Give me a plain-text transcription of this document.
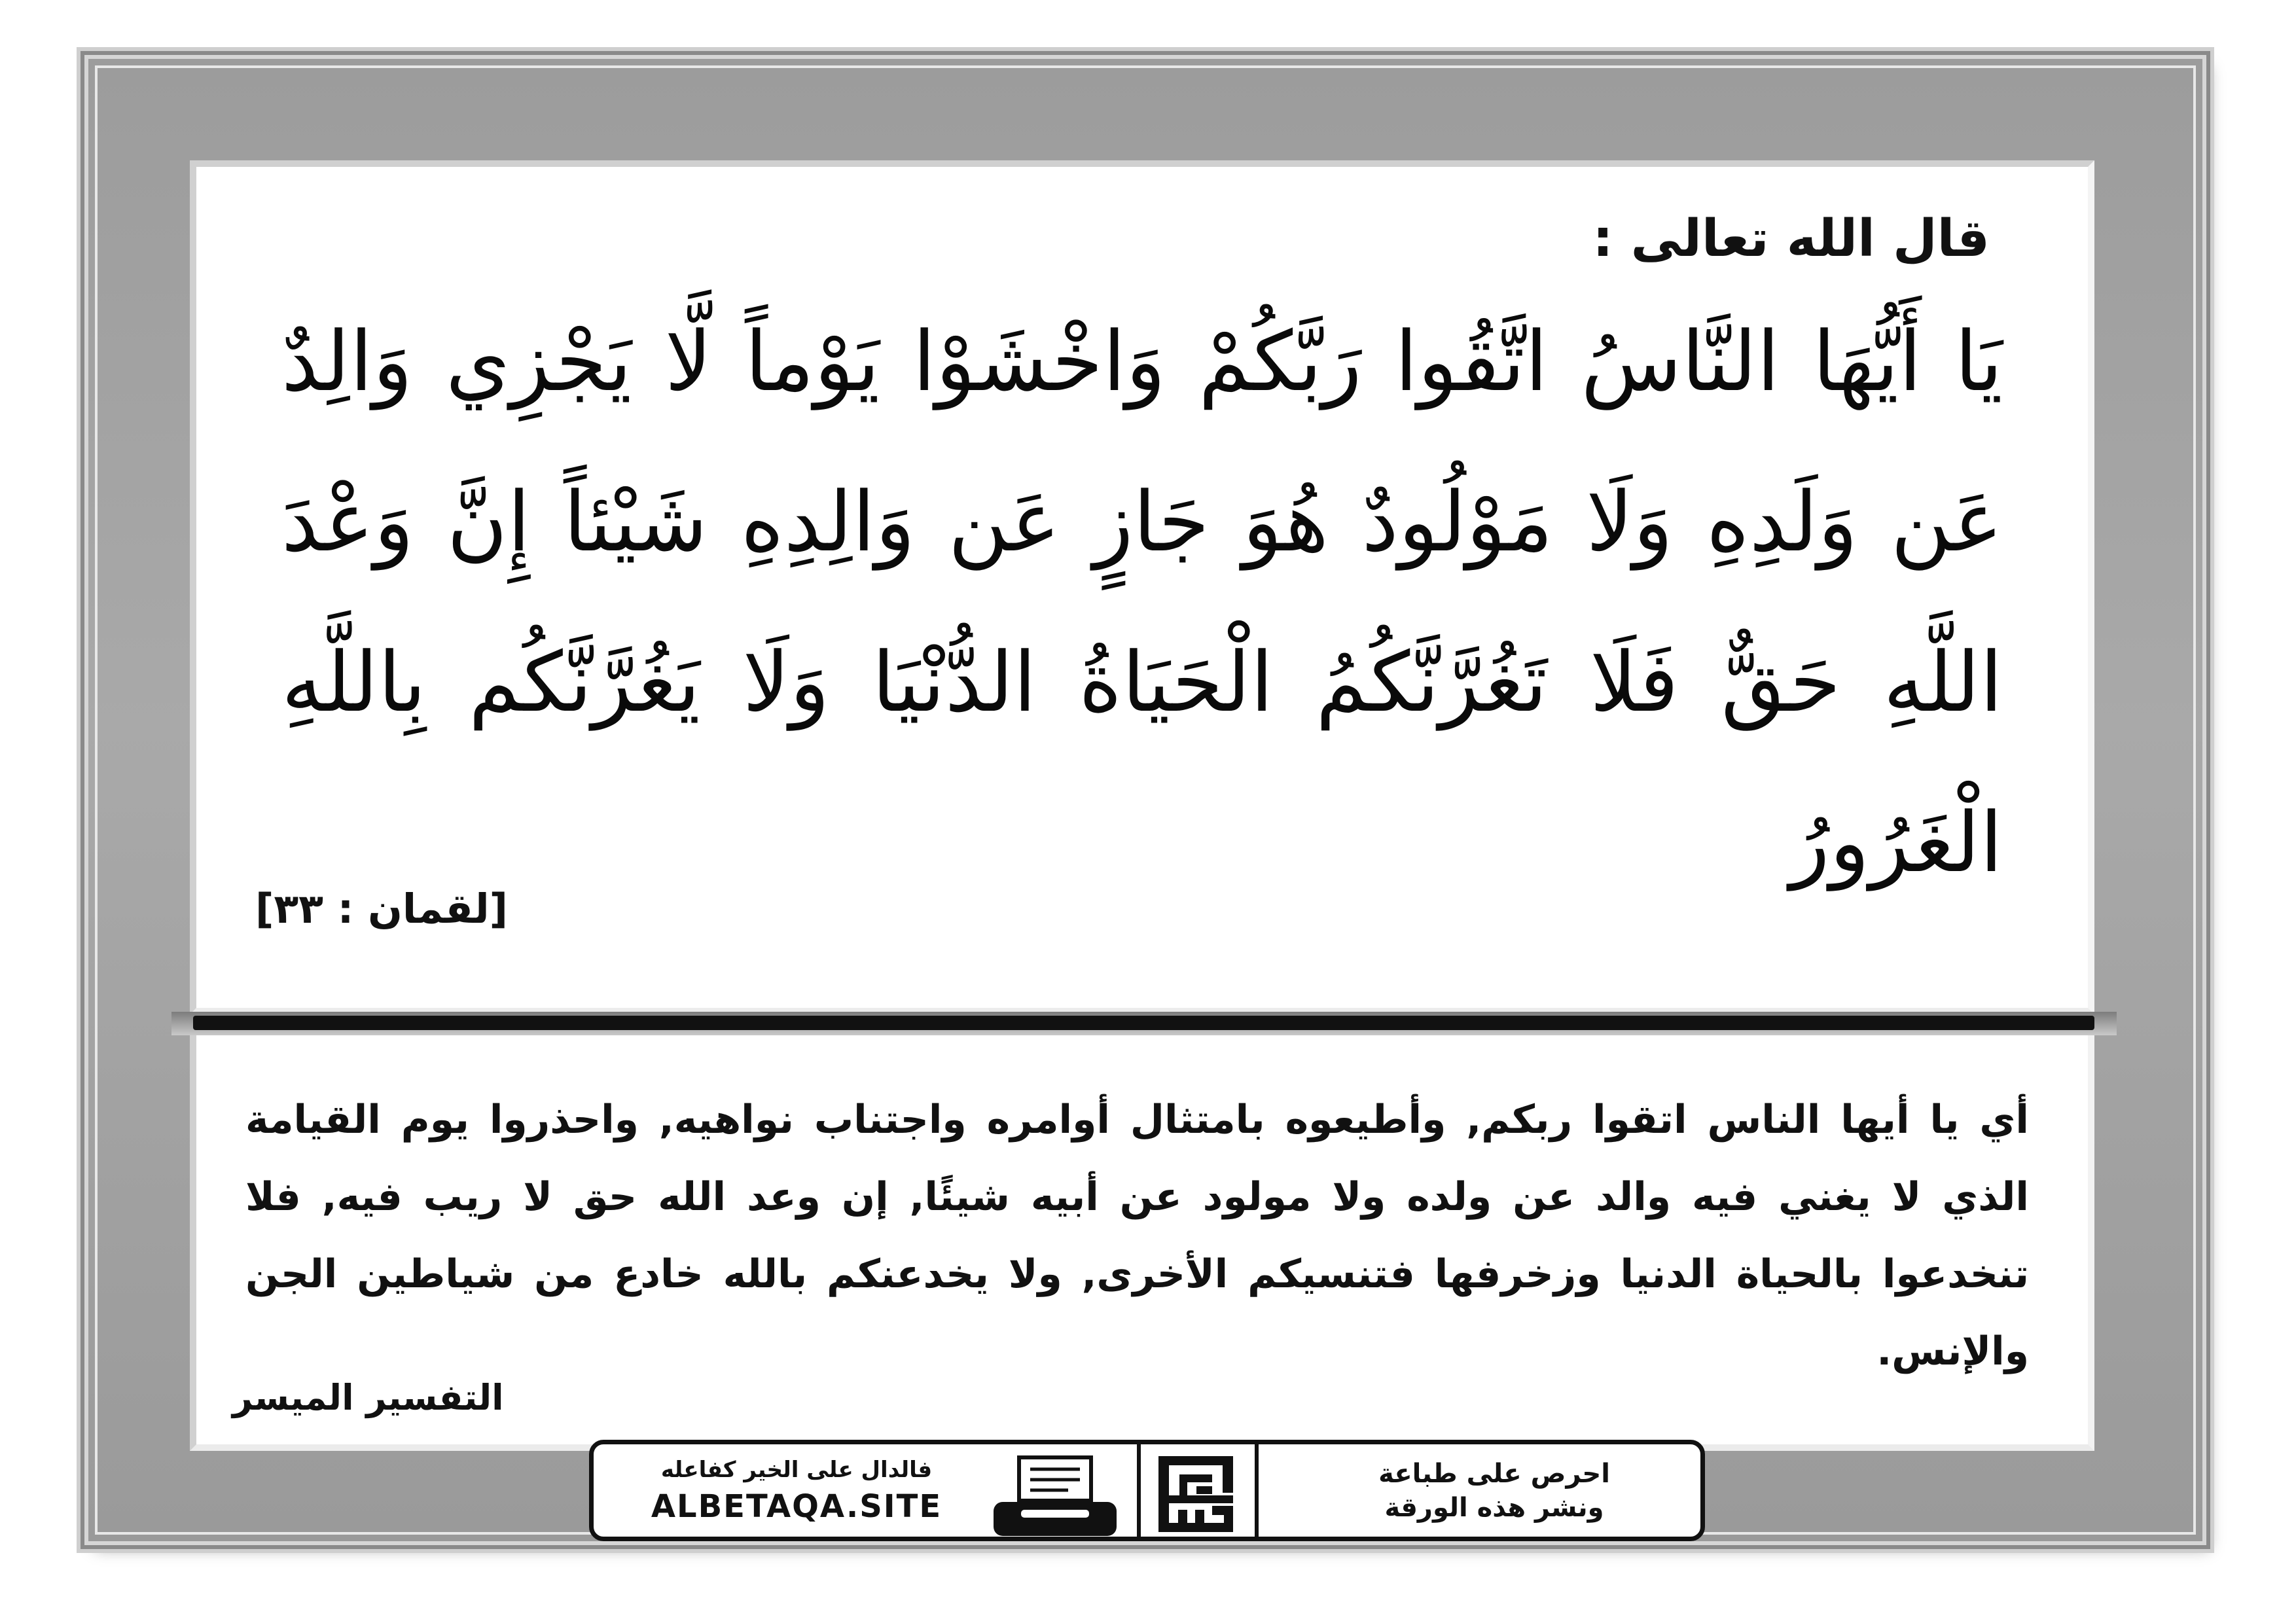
قال الله تعالى :

يَا أَيُّهَا النَّاسُ اتَّقُوا رَبَّكُمْ وَاخْشَوْا يَوْماً لَّا يَجْزِي وَالِدٌ عَن وَلَدِهِ وَلَا مَوْلُودٌ هُوَ جَازٍ عَن وَالِدِهِ شَيْئاً إِنَّ وَعْدَ اللَّهِ حَقٌّ فَلَا تَغُرَّنَّكُمُ الْحَيَاةُ الدُّنْيَا وَلَا يَغُرَّنَّكُم بِاللَّهِ الْغَرُورُ

[لقمان : ٣٣]

أي يا أيها الناس اتقوا ربكم, وأطيعوه بامتثال أوامره واجتناب نواهيه, واحذروا يوم القيامة الذي لا يغني فيه والد عن ولده ولا مولود عن أبيه شيئًا, إن وعد الله حق لا ريب فيه, فلا تنخدعوا بالحياة الدنيا وزخرفها فتنسيكم الأخرى, ولا يخدعنكم بالله خادع من شياطين الجن والإنس.

التفسير الميسر

فالدال على الخير كفاعله
ALBETAQA.SITE
احرص على طباعة
ونشر هذه الورقة
